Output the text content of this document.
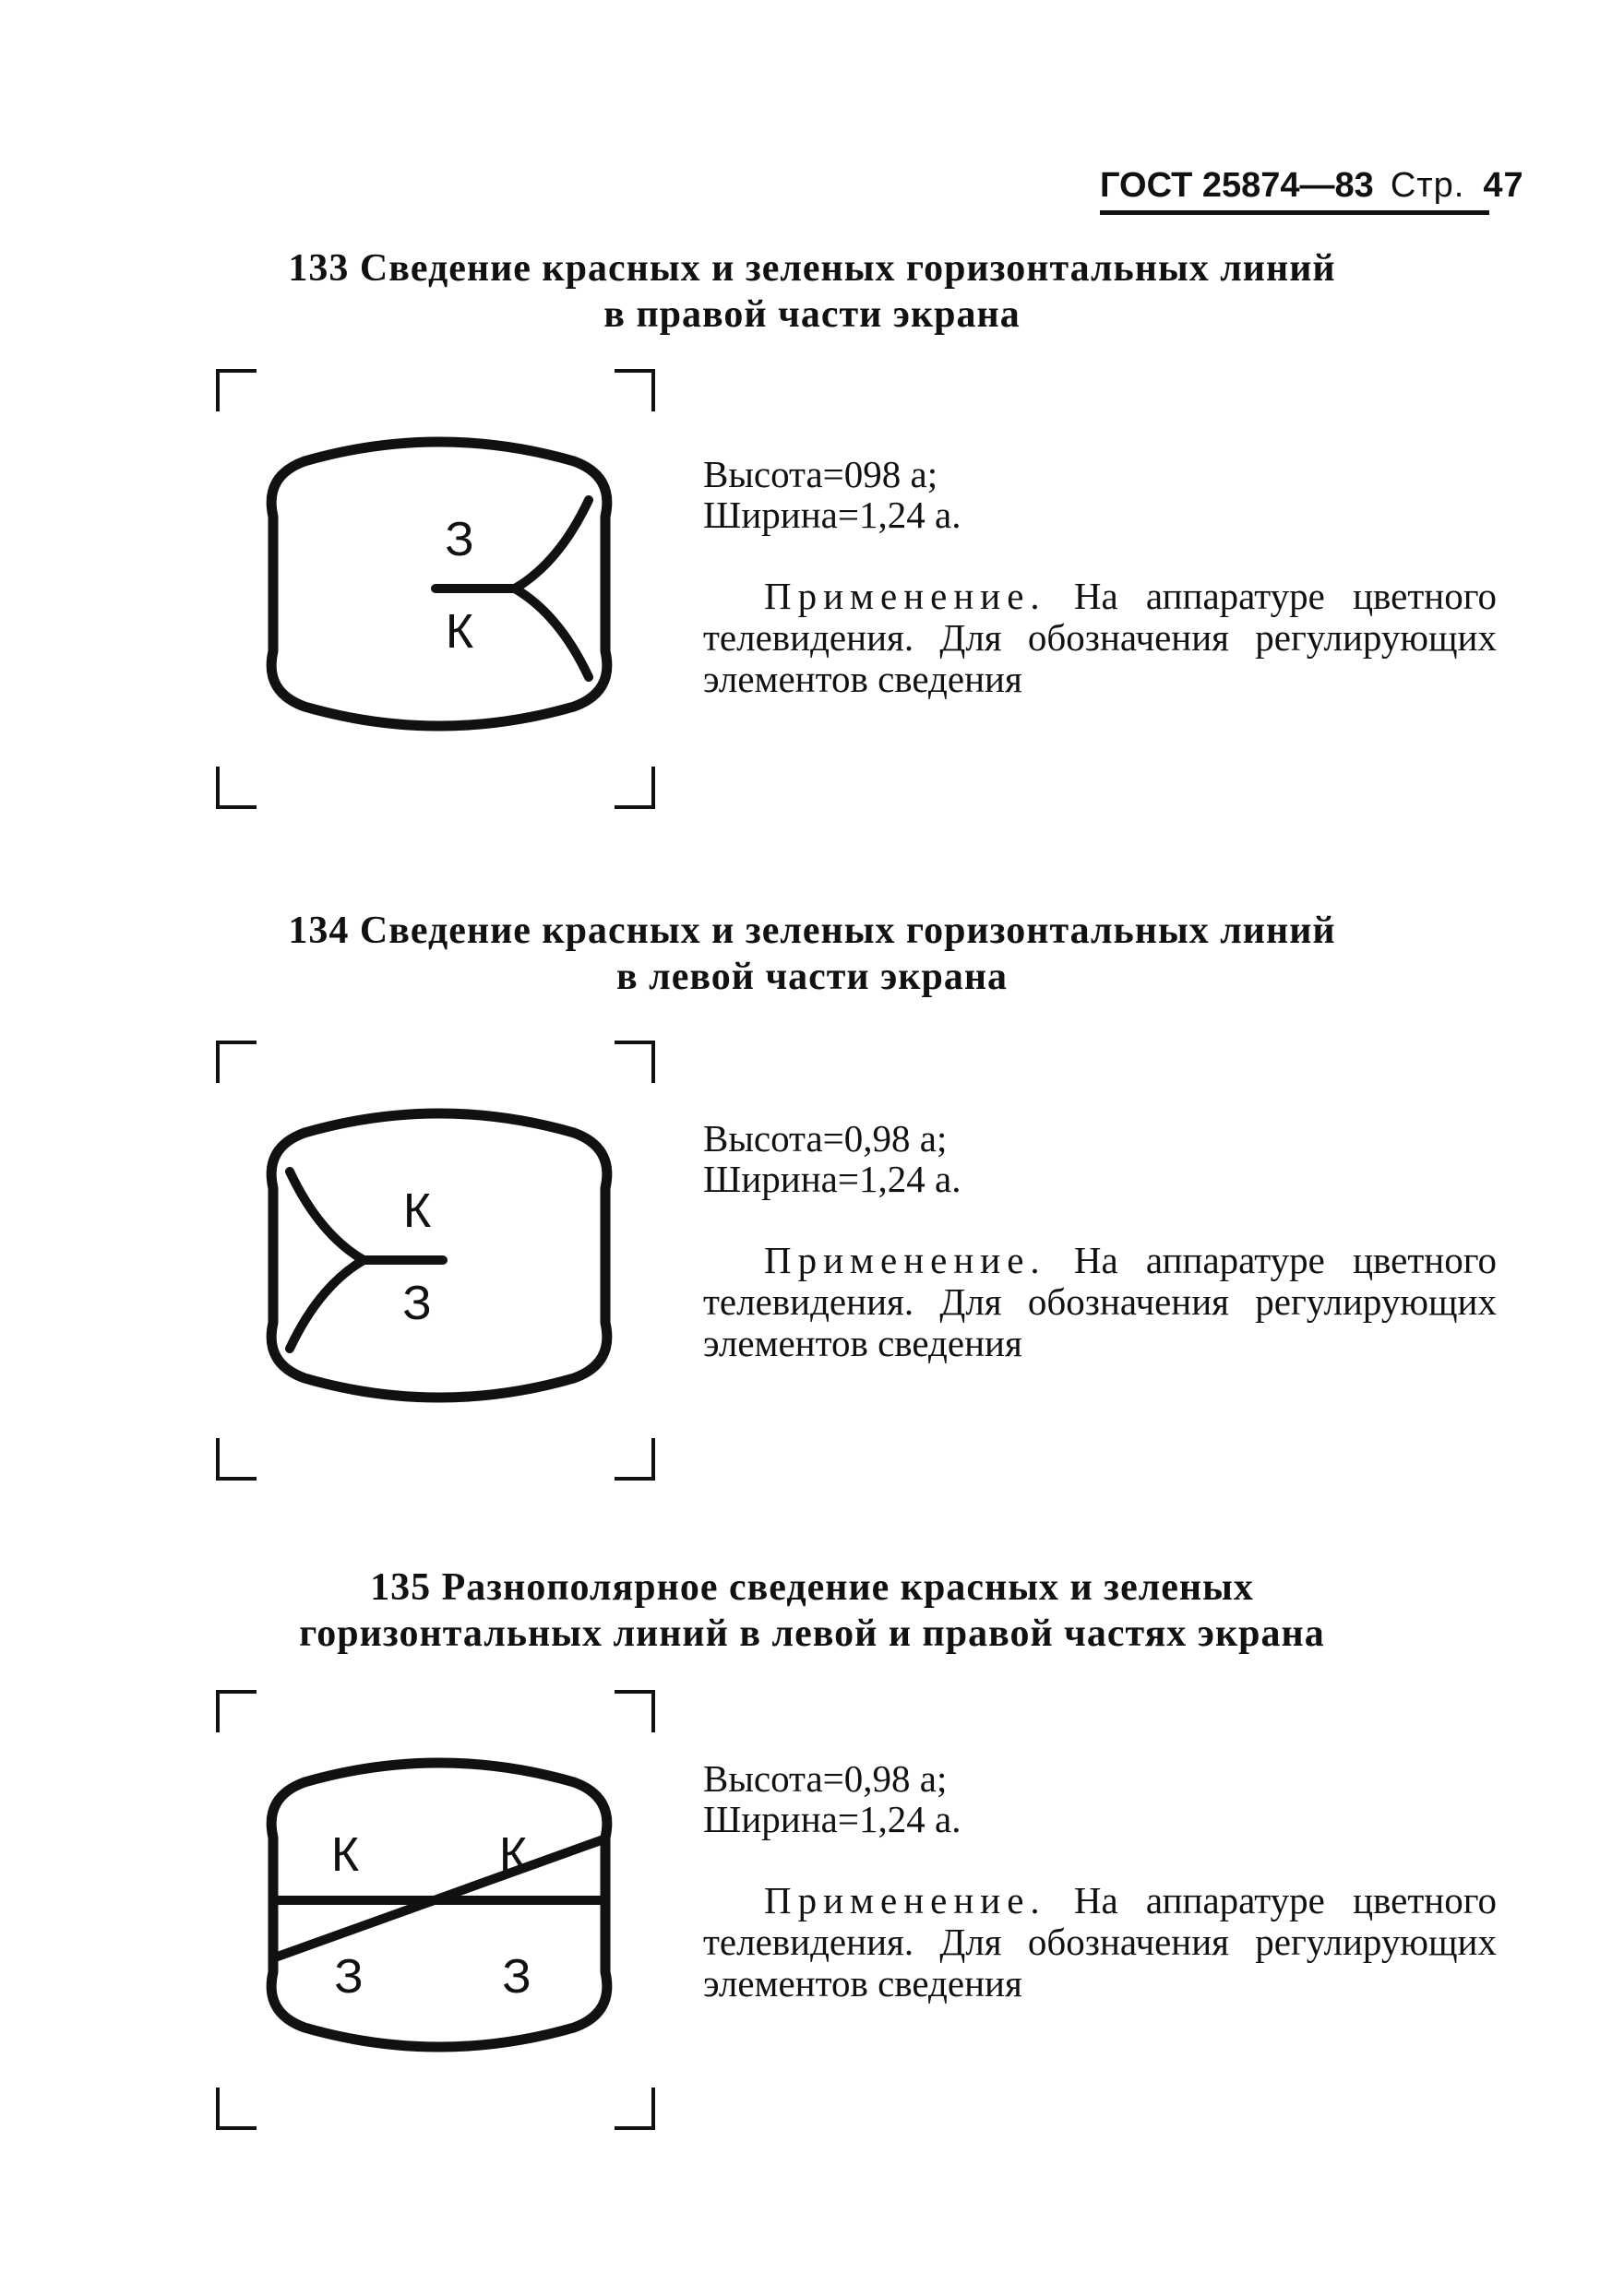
ГОСТ 25874—83 Стр. 47
133 Сведение красных и зеленых горизонтальных линий
в правой части экрана
З
К
Высота=098 a;
Ширина=1,24 a.
Применение. На аппаратуре цветного телевидения. Для обозначения регулирующих элементов сведения
134 Сведение красных и зеленых горизонтальных линий
в левой части экрана
К
З
Высота=0,98 a;
Ширина=1,24 a.
Применение. На аппаратуре цветного телевидения. Для обозначения регулирующих элементов сведения
135 Разнополярное сведение красных и зеленых
горизонтальных линий в левой и правой частях экрана
К	К
З	З
Высота=0,98 a;
Ширина=1,24 a.
Применение. На аппаратуре цветного телевидения. Для обозначения регулирующих элементов сведения
